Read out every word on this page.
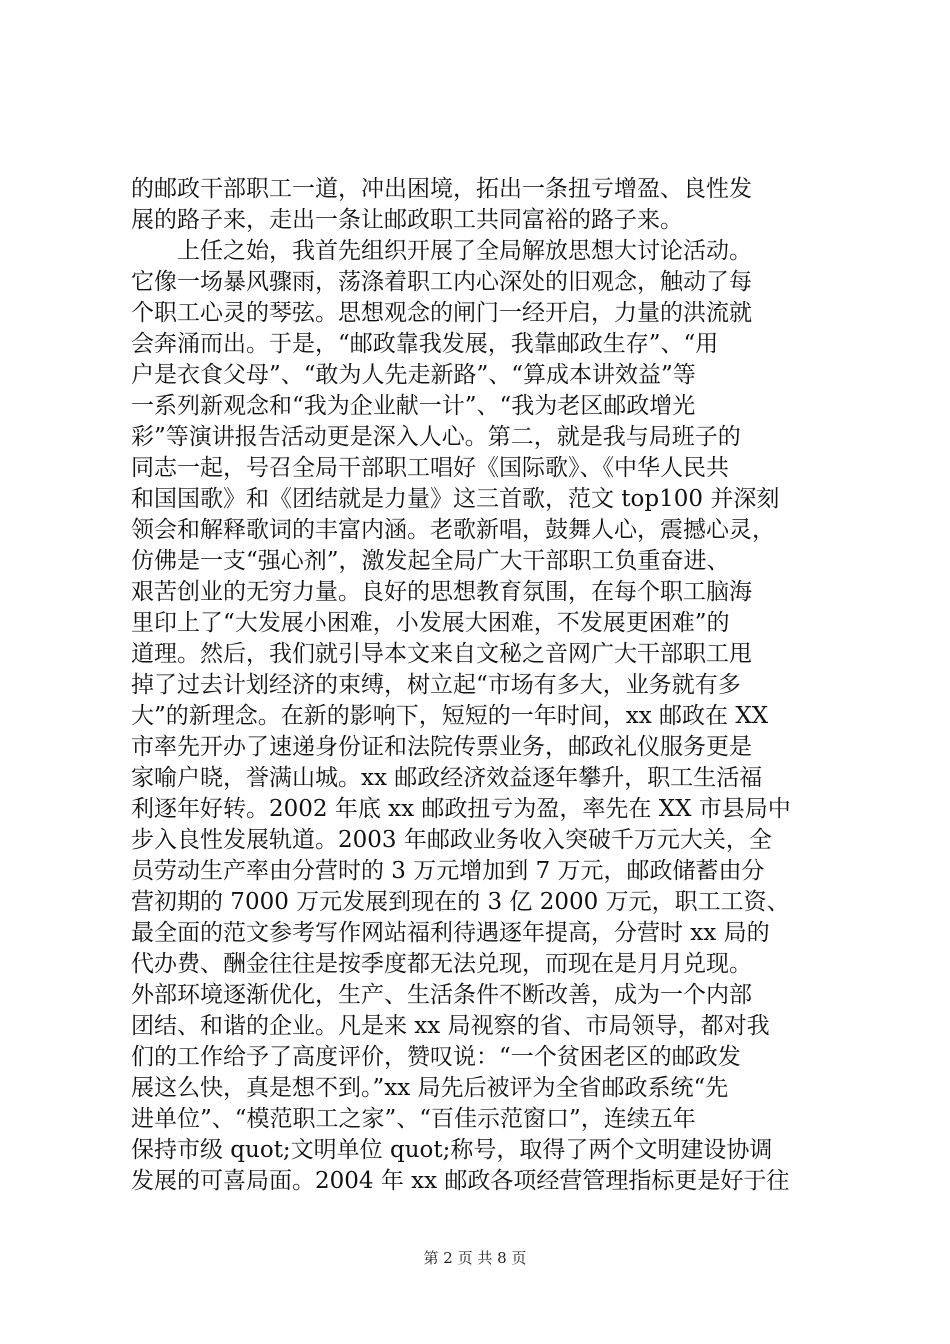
的邮政干部职工一道，冲出困境，拓出一条扭亏增盈、良性发
展的路子来，走出一条让邮政职工共同富裕的路子来。
　　上任之始，我首先组织开展了全局解放思想大讨论活动。
它像一场暴风骤雨，荡涤着职工内心深处的旧观念，触动了每
个职工心灵的琴弦。思想观念的闸门一经开启，力量的洪流就
会奔涌而出。于是，“邮政靠我发展，我靠邮政生存”、“用
户是衣食父母”、“敢为人先走新路”、“算成本讲效益”等
一系列新观念和“我为企业献一计”、“我为老区邮政增光
彩”等演讲报告活动更是深入人心。第二，就是我与局班子的
同志一起，号召全局干部职工唱好《国际歌》、《中华人民共
和国国歌》和《团结就是力量》这三首歌，范文 top100 并深刻
领会和解释歌词的丰富内涵。老歌新唱，鼓舞人心，震撼心灵，
仿佛是一支“强心剂”，激发起全局广大干部职工负重奋进、
艰苦创业的无穷力量。良好的思想教育氛围，在每个职工脑海
里印上了“大发展小困难，小发展大困难，不发展更困难”的
道理。然后，我们就引导本文来自文秘之音网广大干部职工甩
掉了过去计划经济的束缚，树立起“市场有多大，业务就有多
大”的新理念。在新的影响下，短短的一年时间，xx 邮政在 XX
市率先开办了速递身份证和法院传票业务，邮政礼仪服务更是
家喻户晓，誉满山城。xx 邮政经济效益逐年攀升，职工生活福
利逐年好转。2002 年底 xx 邮政扭亏为盈，率先在 XX 市县局中
步入良性发展轨道。2003 年邮政业务收入突破千万元大关，全
员劳动生产率由分营时的 3 万元增加到 7 万元，邮政储蓄由分
营初期的 7000 万元发展到现在的 3 亿 2000 万元，职工工资、
最全面的范文参考写作网站福利待遇逐年提高，分营时 xx 局的
代办费、酬金往往是按季度都无法兑现，而现在是月月兑现。
外部环境逐渐优化，生产、生活条件不断改善，成为一个内部
团结、和谐的企业。凡是来 xx 局视察的省、市局领导，都对我
们的工作给予了高度评价，赞叹说：“一个贫困老区的邮政发
展这么快，真是想不到。”xx 局先后被评为全省邮政系统“先
进单位”、“模范职工之家”、“百佳示范窗口”，连续五年
保持市级 quot;文明单位 quot;称号，取得了两个文明建设协调
发展的可喜局面。2004 年 xx 邮政各项经营管理指标更是好于往
第 2 页 共 8 页
